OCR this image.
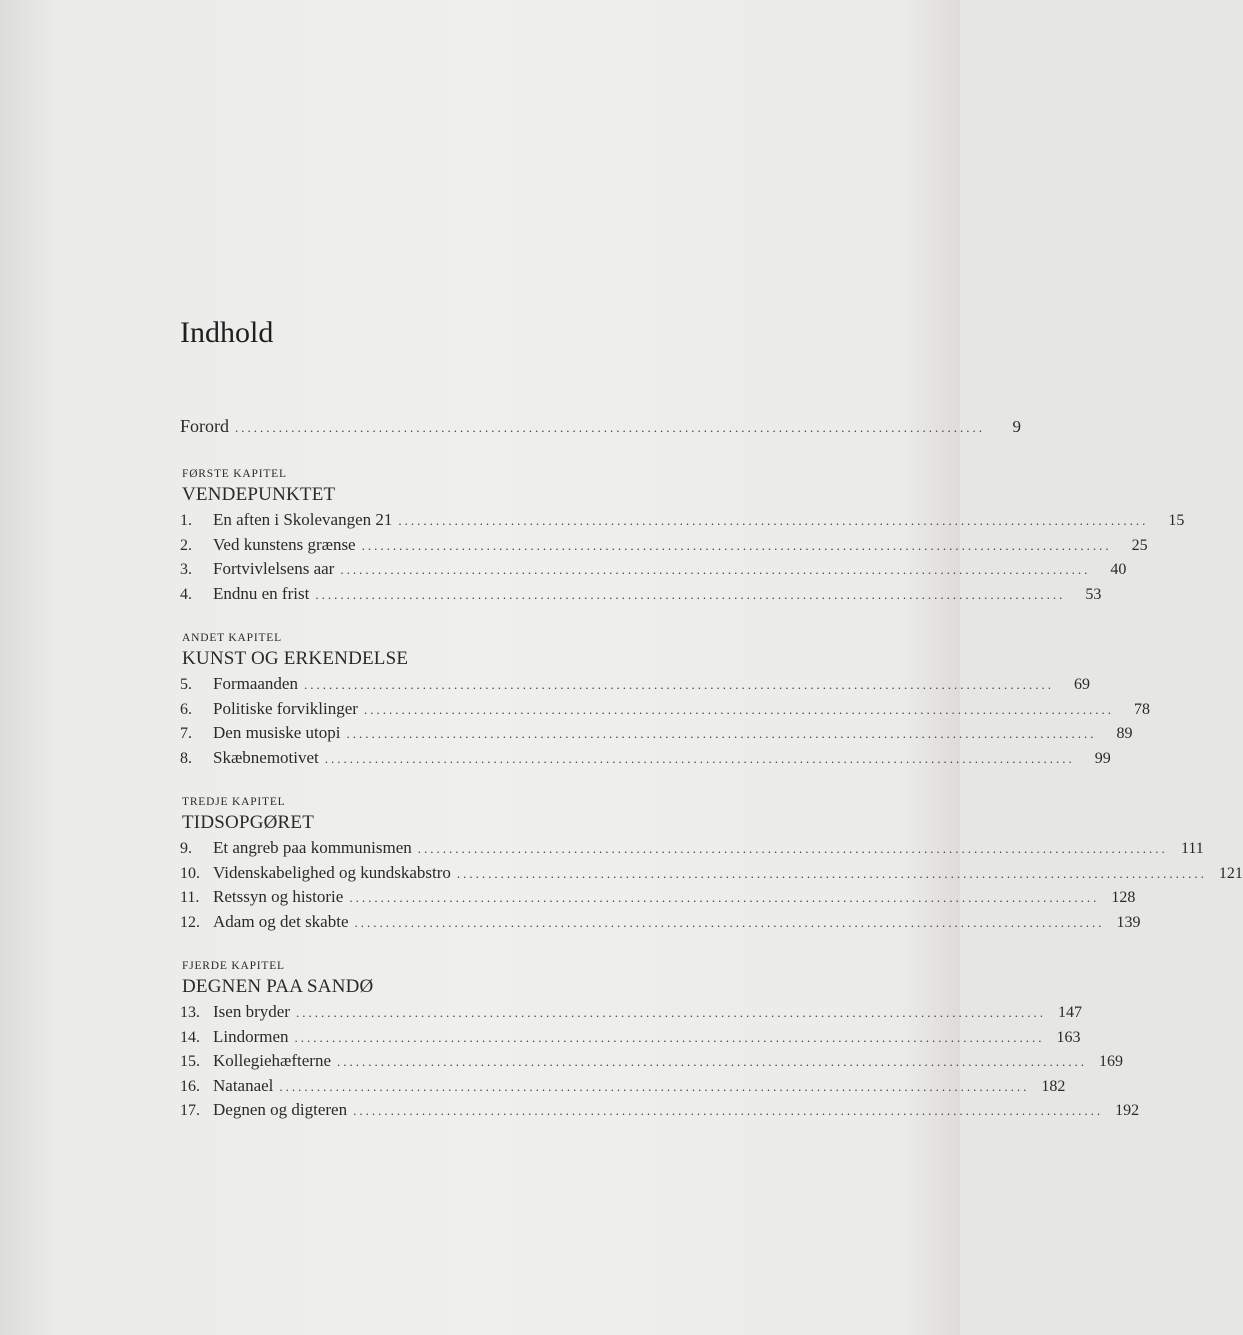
Indhold
Forord ........................................................................................................................	9
FØRSTE KAPITEL
VENDEPUNKTET
1.	En aften i Skolevangen 21 ........................................................................................................................	15
2.	Ved kunstens grænse ........................................................................................................................	25
3.	Fortvivlelsens aar ........................................................................................................................	40
4.	Endnu en frist ........................................................................................................................	53
ANDET KAPITEL
KUNST OG ERKENDELSE
5.	Formaanden ........................................................................................................................	69
6.	Politiske forviklinger ........................................................................................................................	78
7.	Den musiske utopi ........................................................................................................................	89
8.	Skæbnemotivet ........................................................................................................................	99
TREDJE KAPITEL
TIDSOPGØRET
9.	Et angreb paa kommunismen ........................................................................................................................ 111
10. Videnskabelighed og kundskabstro ........................................................................................................................ 121
11. Retssyn og historie ........................................................................................................................ 128
12. Adam og det skabte ........................................................................................................................ 139
FJERDE KAPITEL
DEGNEN PAA SANDØ
13. Isen bryder ........................................................................................................................ 147
14. Lindormen ........................................................................................................................ 163
15. Kollegiehæfterne ........................................................................................................................ 169
16. Natanael ........................................................................................................................ 182
17. Degnen og digteren ........................................................................................................................ 192
